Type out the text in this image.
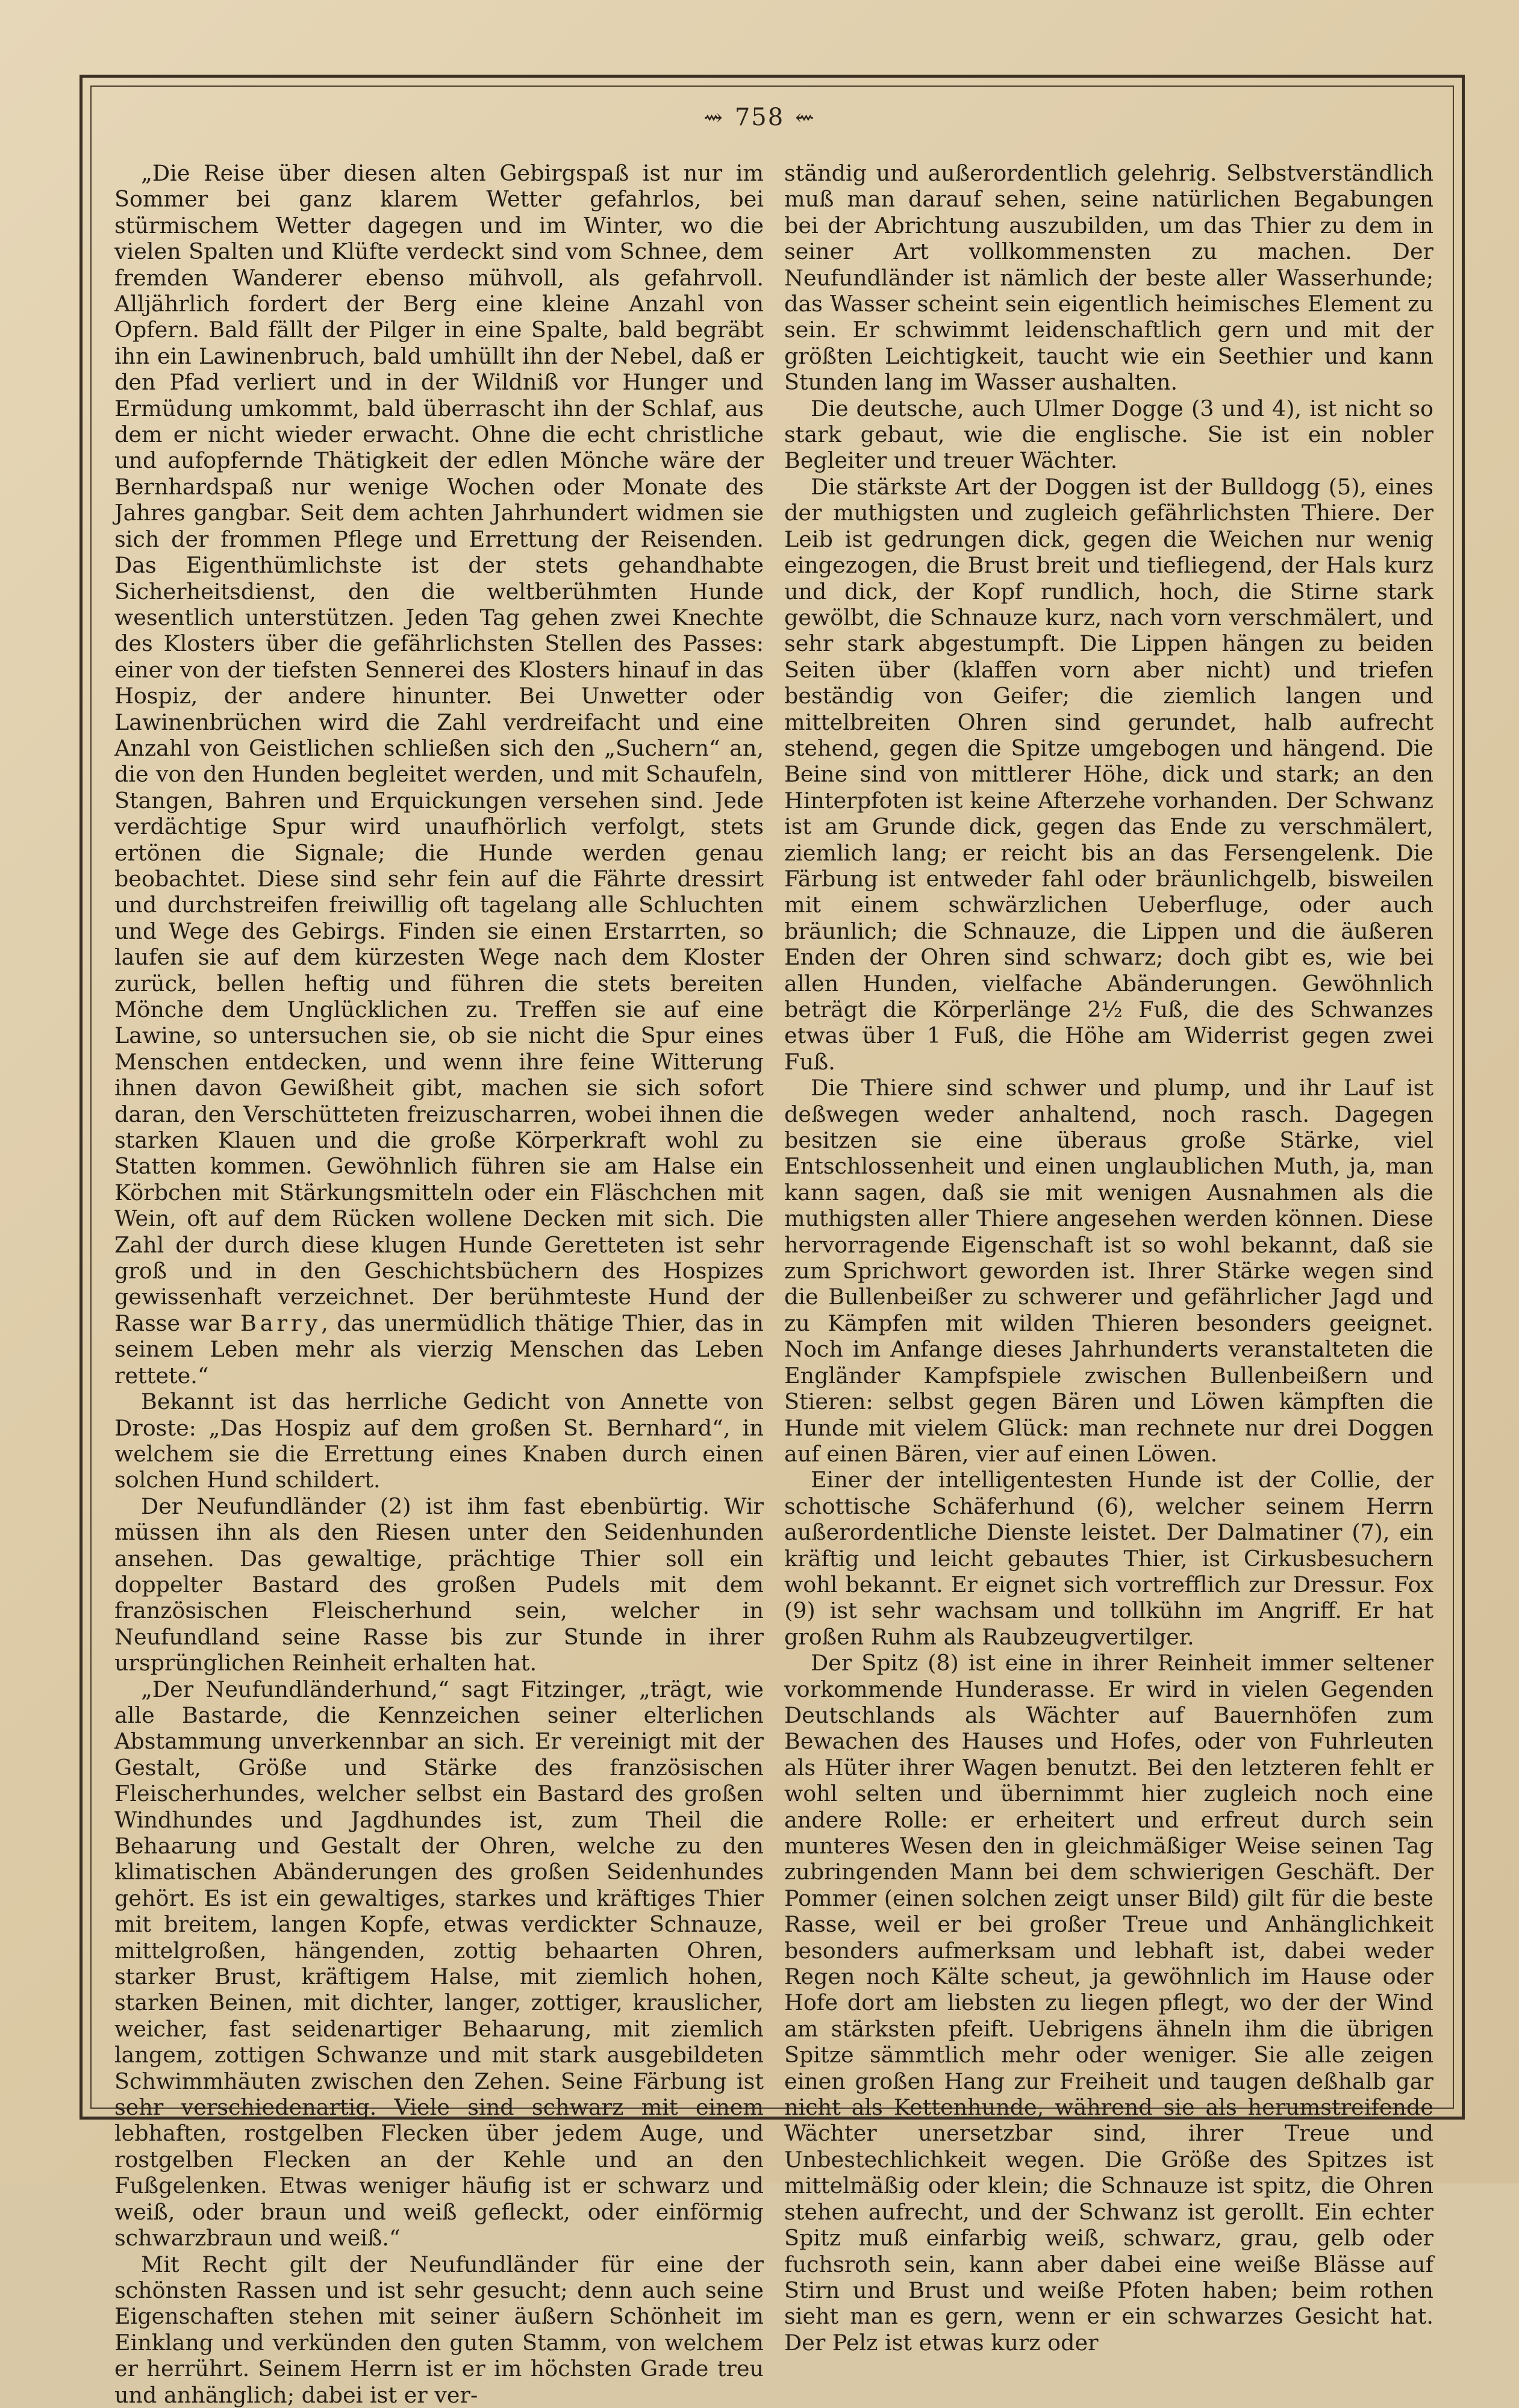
⇝ 758 ⇜

„Die Reise über diesen alten Gebirgspaß ist nur im Sommer bei ganz klarem Wetter gefahrlos, bei stürmischem Wetter dagegen und im Winter, wo die vielen Spalten und Klüfte verdeckt sind vom Schnee, dem fremden Wanderer ebenso mühvoll, als gefahrvoll. Alljährlich fordert der Berg eine kleine Anzahl von Opfern. Bald fällt der Pilger in eine Spalte, bald begräbt ihn ein Lawinenbruch, bald umhüllt ihn der Nebel, daß er den Pfad verliert und in der Wildniß vor Hunger und Ermüdung umkommt, bald überrascht ihn der Schlaf, aus dem er nicht wieder erwacht. Ohne die echt christliche und aufopfernde Thätigkeit der edlen Mönche wäre der Bernhardspaß nur wenige Wochen oder Monate des Jahres gangbar. Seit dem achten Jahrhundert widmen sie sich der frommen Pflege und Errettung der Reisenden. Das Eigenthümlichste ist der stets gehandhabte Sicherheitsdienst, den die weltberühmten Hunde wesentlich unterstützen. Jeden Tag gehen zwei Knechte des Klosters über die gefährlichsten Stellen des Passes: einer von der tiefsten Sennerei des Klosters hinauf in das Hospiz, der andere hinunter. Bei Unwetter oder Lawinenbrüchen wird die Zahl verdreifacht und eine Anzahl von Geistlichen schließen sich den „Suchern“ an, die von den Hunden begleitet werden, und mit Schaufeln, Stangen, Bahren und Erquickungen versehen sind. Jede verdächtige Spur wird unaufhörlich verfolgt, stets ertönen die Signale; die Hunde werden genau beobachtet. Diese sind sehr fein auf die Fährte dressirt und durchstreifen freiwillig oft tagelang alle Schluchten und Wege des Gebirgs. Finden sie einen Erstarrten, so laufen sie auf dem kürzesten Wege nach dem Kloster zurück, bellen heftig und führen die stets bereiten Mönche dem Unglücklichen zu. Treffen sie auf eine Lawine, so untersuchen sie, ob sie nicht die Spur eines Menschen entdecken, und wenn ihre feine Witterung ihnen davon Gewißheit gibt, machen sie sich sofort daran, den Verschütteten freizuscharren, wobei ihnen die starken Klauen und die große Körperkraft wohl zu Statten kommen. Gewöhnlich führen sie am Halse ein Körbchen mit Stärkungsmitteln oder ein Fläschchen mit Wein, oft auf dem Rücken wollene Decken mit sich. Die Zahl der durch diese klugen Hunde Geretteten ist sehr groß und in den Geschichtsbüchern des Hospizes gewissenhaft verzeichnet. Der berühmteste Hund der Rasse war Barry, das unermüdlich thätige Thier, das in seinem Leben mehr als vierzig Menschen das Leben rettete.“

Bekannt ist das herrliche Gedicht von Annette von Droste: „Das Hospiz auf dem großen St. Bernhard“, in welchem sie die Errettung eines Knaben durch einen solchen Hund schildert.

Der Neufundländer (2) ist ihm fast ebenbürtig. Wir müssen ihn als den Riesen unter den Seidenhunden ansehen. Das gewaltige, prächtige Thier soll ein doppelter Bastard des großen Pudels mit dem französischen Fleischerhund sein, welcher in Neufundland seine Rasse bis zur Stunde in ihrer ursprünglichen Reinheit erhalten hat.

„Der Neufundländerhund,“ sagt Fitzinger, „trägt, wie alle Bastarde, die Kennzeichen seiner elterlichen Abstammung unverkennbar an sich. Er vereinigt mit der Gestalt, Größe und Stärke des französischen Fleischerhundes, welcher selbst ein Bastard des großen Windhundes und Jagdhundes ist, zum Theil die Behaarung und Gestalt der Ohren, welche zu den klimatischen Abänderungen des großen Seidenhundes gehört. Es ist ein gewaltiges, starkes und kräftiges Thier mit breitem, langen Kopfe, etwas verdickter Schnauze, mittelgroßen, hängenden, zottig behaarten Ohren, starker Brust, kräftigem Halse, mit ziemlich hohen, starken Beinen, mit dichter, langer, zottiger, krauslicher, weicher, fast seidenartiger Behaarung, mit ziemlich langem, zottigen Schwanze und mit stark ausgebildeten Schwimmhäuten zwischen den Zehen. Seine Färbung ist sehr verschiedenartig. Viele sind schwarz mit einem lebhaften, rostgelben Flecken über jedem Auge, und rostgelben Flecken an der Kehle und an den Fußgelenken. Etwas weniger häufig ist er schwarz und weiß, oder braun und weiß gefleckt, oder einförmig schwarzbraun und weiß.“

Mit Recht gilt der Neufundländer für eine der schönsten Rassen und ist sehr gesucht; denn auch seine Eigenschaften stehen mit seiner äußern Schönheit im Einklang und verkünden den guten Stamm, von welchem er herrührt. Seinem Herrn ist er im höchsten Grade treu und anhänglich; dabei ist er ver-

ständig und außerordentlich gelehrig. Selbstverständlich muß man darauf sehen, seine natürlichen Begabungen bei der Abrichtung auszubilden, um das Thier zu dem in seiner Art vollkommensten zu machen. Der Neufundländer ist nämlich der beste aller Wasserhunde; das Wasser scheint sein eigentlich heimisches Element zu sein. Er schwimmt leidenschaftlich gern und mit der größten Leichtigkeit, taucht wie ein Seethier und kann Stunden lang im Wasser aushalten.

Die deutsche, auch Ulmer Dogge (3 und 4), ist nicht so stark gebaut, wie die englische. Sie ist ein nobler Begleiter und treuer Wächter.

Die stärkste Art der Doggen ist der Bulldogg (5), eines der muthigsten und zugleich gefährlichsten Thiere. Der Leib ist gedrungen dick, gegen die Weichen nur wenig eingezogen, die Brust breit und tiefliegend, der Hals kurz und dick, der Kopf rundlich, hoch, die Stirne stark gewölbt, die Schnauze kurz, nach vorn verschmälert, und sehr stark abgestumpft. Die Lippen hängen zu beiden Seiten über (klaffen vorn aber nicht) und triefen beständig von Geifer; die ziemlich langen und mittelbreiten Ohren sind gerundet, halb aufrecht stehend, gegen die Spitze umgebogen und hängend. Die Beine sind von mittlerer Höhe, dick und stark; an den Hinterpfoten ist keine Afterzehe vorhanden. Der Schwanz ist am Grunde dick, gegen das Ende zu verschmälert, ziemlich lang; er reicht bis an das Fersengelenk. Die Färbung ist entweder fahl oder bräunlichgelb, bisweilen mit einem schwärzlichen Ueberfluge, oder auch bräunlich; die Schnauze, die Lippen und die äußeren Enden der Ohren sind schwarz; doch gibt es, wie bei allen Hunden, vielfache Abänderungen. Gewöhnlich beträgt die Körperlänge 2½ Fuß, die des Schwanzes etwas über 1 Fuß, die Höhe am Widerrist gegen zwei Fuß.

Die Thiere sind schwer und plump, und ihr Lauf ist deßwegen weder anhaltend, noch rasch. Dagegen besitzen sie eine überaus große Stärke, viel Entschlossenheit und einen unglaublichen Muth, ja, man kann sagen, daß sie mit wenigen Ausnahmen als die muthigsten aller Thiere angesehen werden können. Diese hervorragende Eigenschaft ist so wohl bekannt, daß sie zum Sprichwort geworden ist. Ihrer Stärke wegen sind die Bullenbeißer zu schwerer und gefährlicher Jagd und zu Kämpfen mit wilden Thieren besonders geeignet. Noch im Anfange dieses Jahrhunderts veranstalteten die Engländer Kampfspiele zwischen Bullenbeißern und Stieren: selbst gegen Bären und Löwen kämpften die Hunde mit vielem Glück: man rechnete nur drei Doggen auf einen Bären, vier auf einen Löwen.

Einer der intelligentesten Hunde ist der Collie, der schottische Schäferhund (6), welcher seinem Herrn außerordentliche Dienste leistet. Der Dalmatiner (7), ein kräftig und leicht gebautes Thier, ist Cirkusbesuchern wohl bekannt. Er eignet sich vortrefflich zur Dressur. Fox (9) ist sehr wachsam und tollkühn im Angriff. Er hat großen Ruhm als Raubzeugvertilger.

Der Spitz (8) ist eine in ihrer Reinheit immer seltener vorkommende Hunderasse. Er wird in vielen Gegenden Deutschlands als Wächter auf Bauernhöfen zum Bewachen des Hauses und Hofes, oder von Fuhrleuten als Hüter ihrer Wagen benutzt. Bei den letzteren fehlt er wohl selten und übernimmt hier zugleich noch eine andere Rolle: er erheitert und erfreut durch sein munteres Wesen den in gleichmäßiger Weise seinen Tag zubringenden Mann bei dem schwierigen Geschäft. Der Pommer (einen solchen zeigt unser Bild) gilt für die beste Rasse, weil er bei großer Treue und Anhänglichkeit besonders aufmerksam und lebhaft ist, dabei weder Regen noch Kälte scheut, ja gewöhnlich im Hause oder Hofe dort am liebsten zu liegen pflegt, wo der der Wind am stärksten pfeift. Uebrigens ähneln ihm die übrigen Spitze sämmtlich mehr oder weniger. Sie alle zeigen einen großen Hang zur Freiheit und taugen deßhalb gar nicht als Kettenhunde, während sie als herumstreifende Wächter unersetzbar sind, ihrer Treue und Unbestechlichkeit wegen. Die Größe des Spitzes ist mittelmäßig oder klein; die Schnauze ist spitz, die Ohren stehen aufrecht, und der Schwanz ist gerollt. Ein echter Spitz muß einfarbig weiß, schwarz, grau, gelb oder fuchsroth sein, kann aber dabei eine weiße Blässe auf Stirn und Brust und weiße Pfoten haben; beim rothen sieht man es gern, wenn er ein schwarzes Gesicht hat. Der Pelz ist etwas kurz oder
